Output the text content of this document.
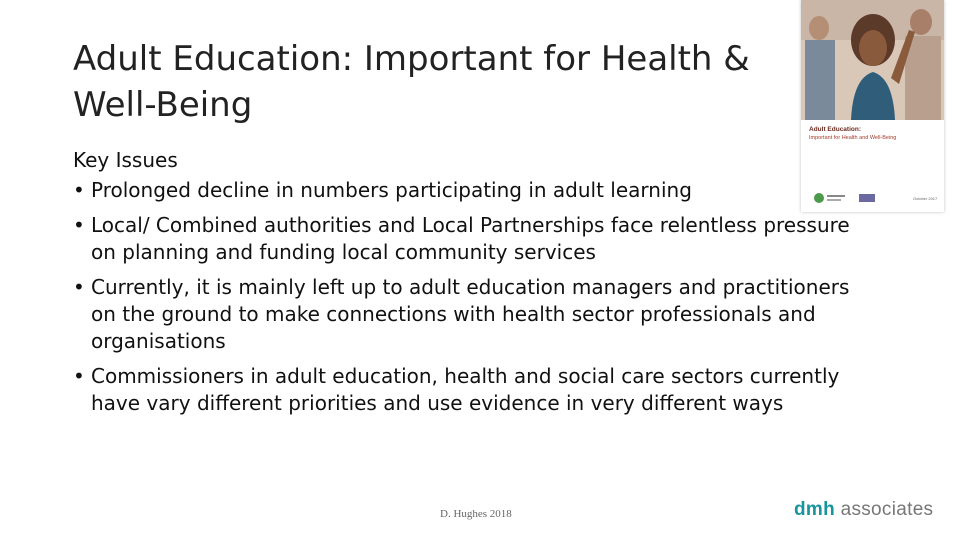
Adult Education: Important for Health & Well-Being
Key Issues
• Prolonged decline in numbers participating in adult learning
• Local/ Combined authorities and Local Partnerships face relentless pressure on planning and funding local community services
• Currently, it is mainly left up to adult education managers and practitioners on the ground to make connections with health sector professionals and organisations
• Commissioners in adult education, health and social care sectors currently have vary different priorities and use evidence in very different ways
Adult Education:
Important for Health and Well-Being
October 2017
D. Hughes 2018	dmh associates
